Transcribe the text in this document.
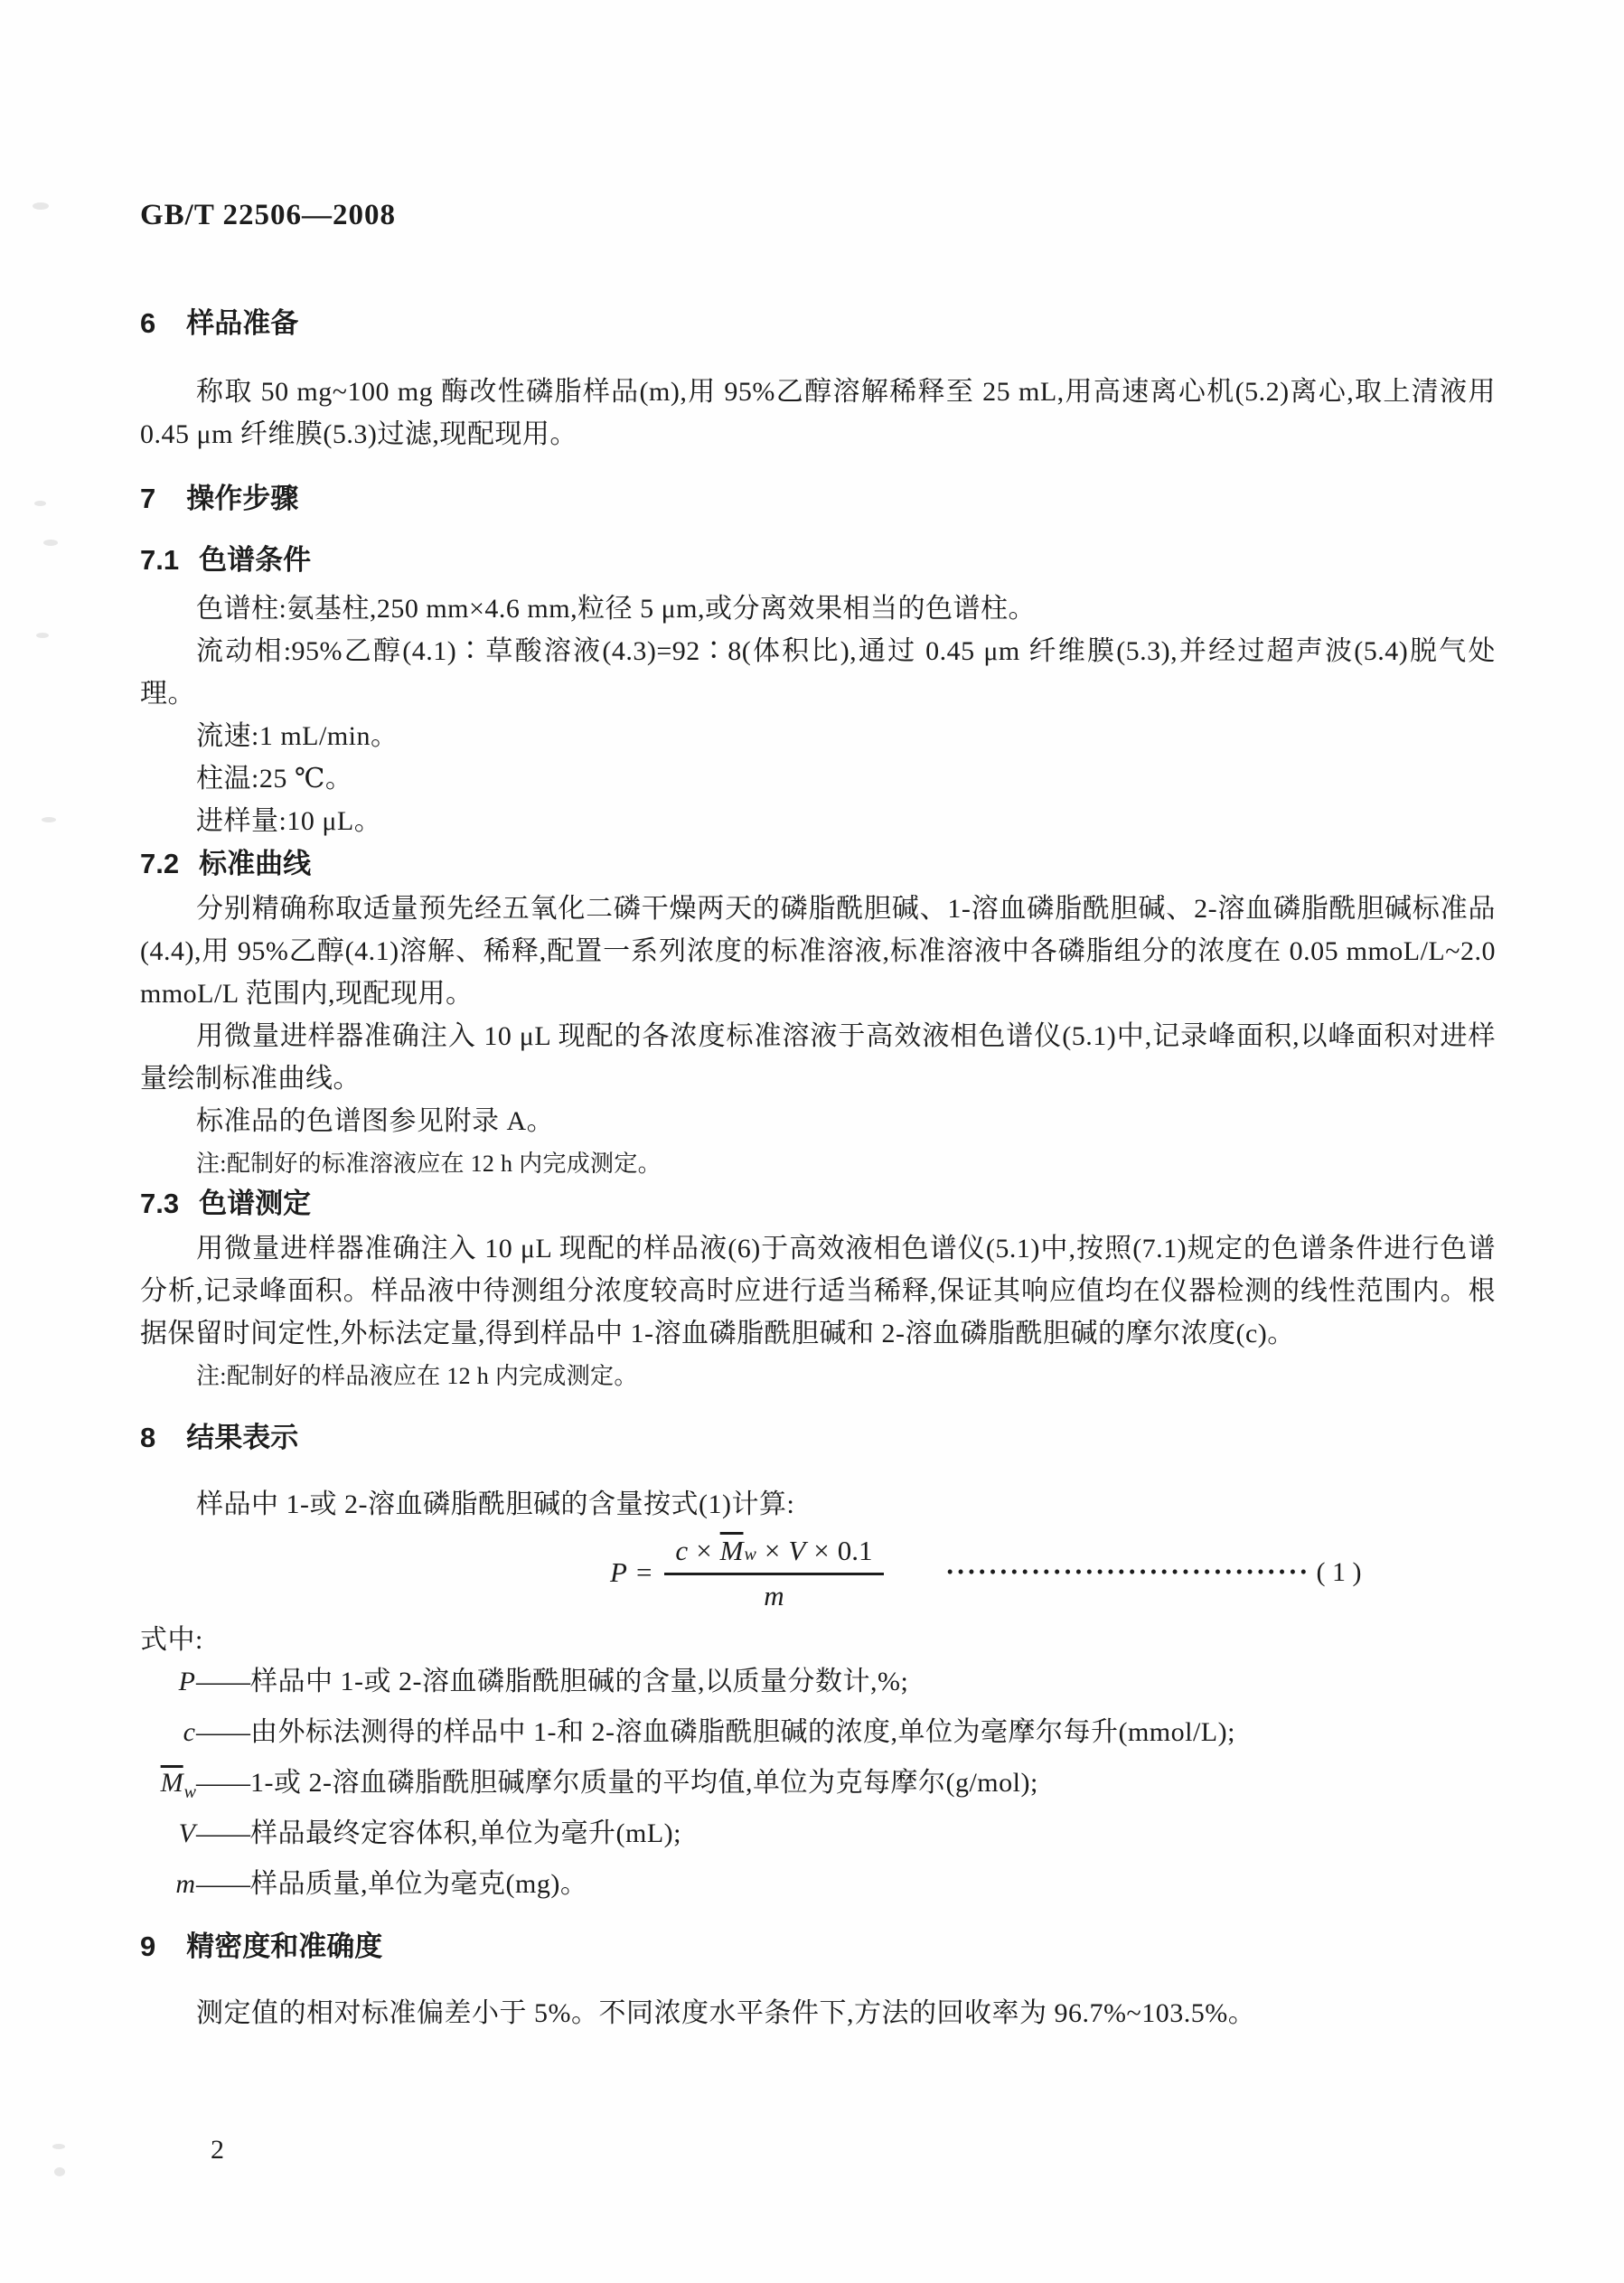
GB/T 22506—2008
6 样品准备

称取 50 mg~100 mg 酶改性磷脂样品(m),用 95%乙醇溶解稀释至 25 mL,用高速离心机(5.2)离心,取上清液用 0.45 μm 纤维膜(5.3)过滤,现配现用。

7 操作步骤
7.1 色谱条件

色谱柱:氨基柱,250 mm×4.6 mm,粒径 5 μm,或分离效果相当的色谱柱。

流动相:95%乙醇(4.1)∶草酸溶液(4.3)=92∶8(体积比),通过 0.45 μm 纤维膜(5.3),并经过超声波(5.4)脱气处理。

流速:1 mL/min。

柱温:25 ℃。

进样量:10 μL。

7.2 标准曲线

分别精确称取适量预先经五氧化二磷干燥两天的磷脂酰胆碱、1-溶血磷脂酰胆碱、2-溶血磷脂酰胆碱标准品(4.4),用 95%乙醇(4.1)溶解、稀释,配置一系列浓度的标准溶液,标准溶液中各磷脂组分的浓度在 0.05 mmoL/L~2.0 mmoL/L 范围内,现配现用。

用微量进样器准确注入 10 μL 现配的各浓度标准溶液于高效液相色谱仪(5.1)中,记录峰面积,以峰面积对进样量绘制标准曲线。

标准品的色谱图参见附录 A。

注:配制好的标准溶液应在 12 h 内完成测定。

7.3 色谱测定

用微量进样器准确注入 10 μL 现配的样品液(6)于高效液相色谱仪(5.1)中,按照(7.1)规定的色谱条件进行色谱分析,记录峰面积。样品液中待测组分浓度较高时应进行适当稀释,保证其响应值均在仪器检测的线性范围内。根据保留时间定性,外标法定量,得到样品中 1-溶血磷脂酰胆碱和 2-溶血磷脂酰胆碱的摩尔浓度(c)。

注:配制好的样品液应在 12 h 内完成测定。

8 结果表示

样品中 1-或 2-溶血磷脂酰胆碱的含量按式(1)计算:

P =
$c \times \overline{M}$ w × V × 0.1
m
•••••••••••••••••••••••••••••••••• ( 1 )

式中:

P —— 样品中 1-或 2-溶血磷脂酰胆碱的含量,以质量分数计,%;
c —— 由外标法测得的样品中 1-和 2-溶血磷脂酰胆碱的浓度,单位为毫摩尔每升(mmol/L);
$\overline{M}_w$ —— 1-或 2-溶血磷脂酰胆碱摩尔质量的平均值,单位为克每摩尔(g/mol);
V —— 样品最终定容体积,单位为毫升(mL);
m —— 样品质量,单位为毫克(mg)。
9 精密度和准确度

测定值的相对标准偏差小于 5%。不同浓度水平条件下,方法的回收率为 96.7%~103.5%。

2
